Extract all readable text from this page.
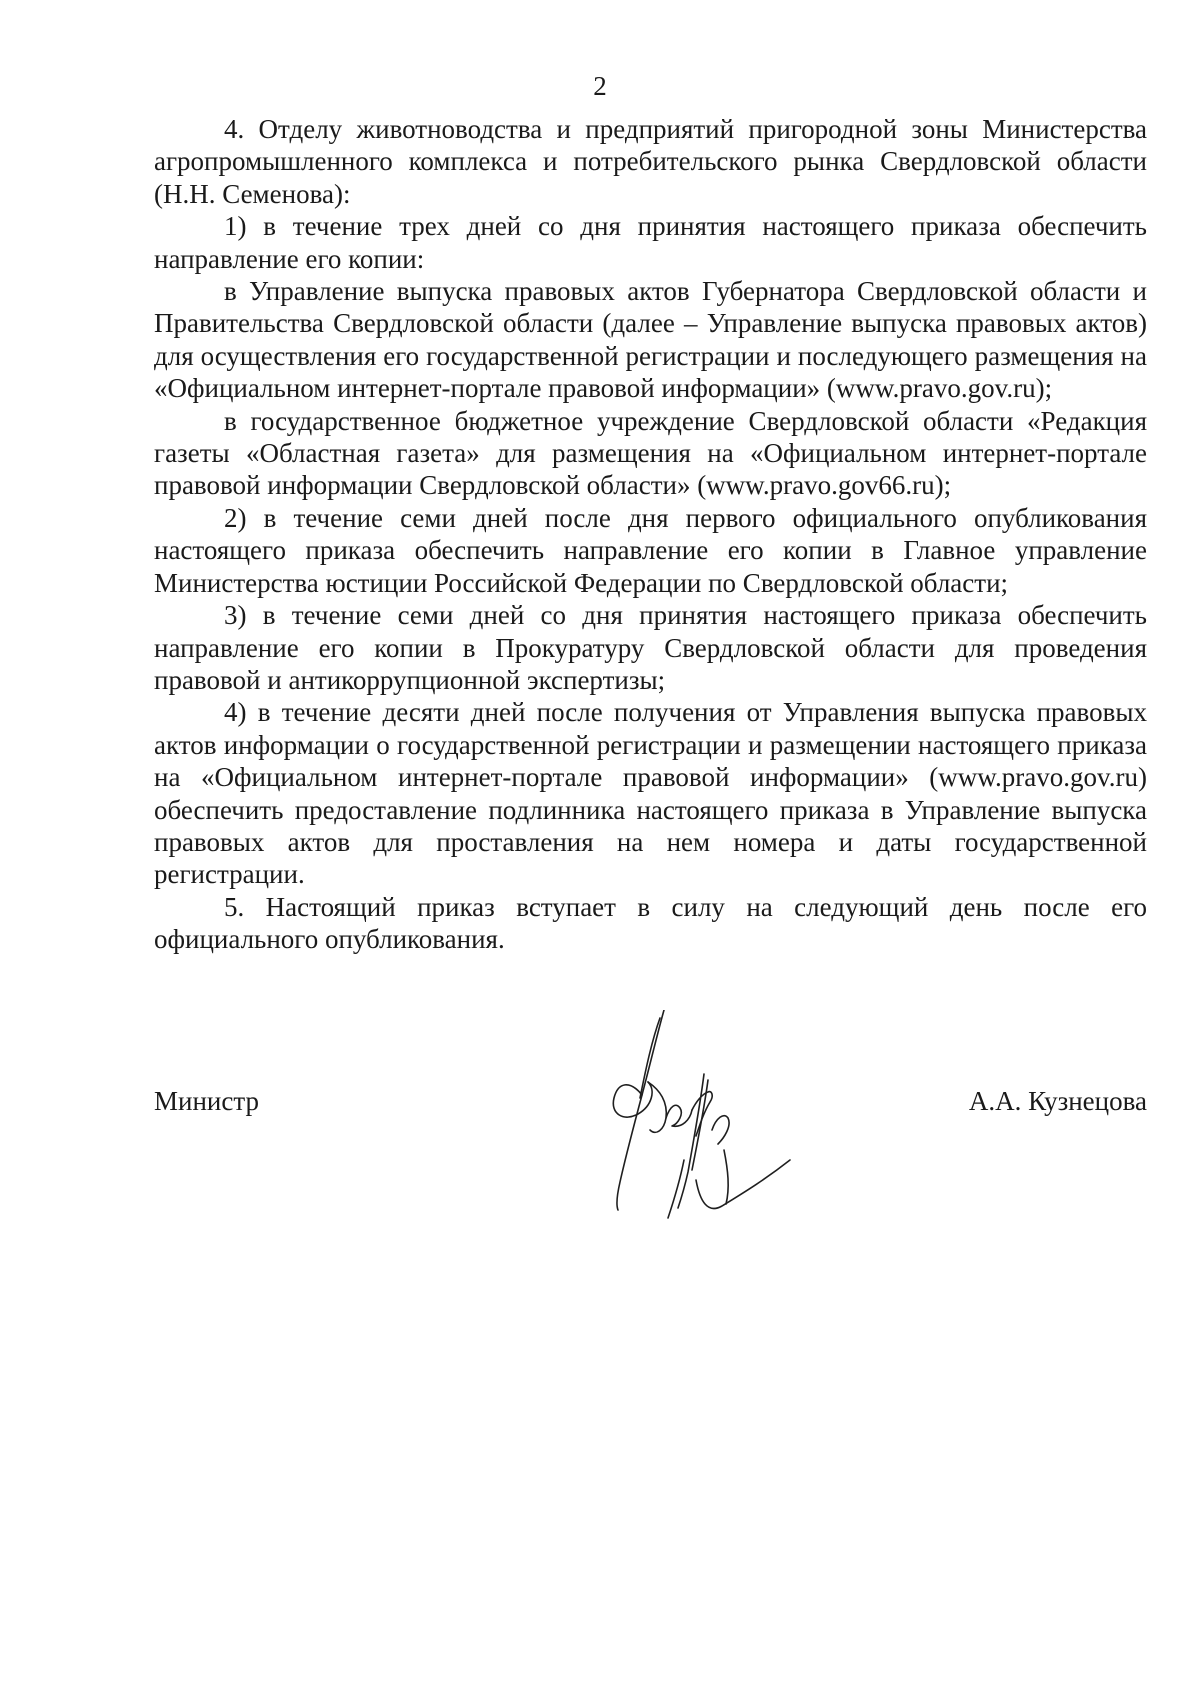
2

4. Отделу животноводства и предприятий пригородной зоны Министерства агропромышленного комплекса и потребительского рынка Свердловской области (Н.Н. Семенова):

1) в течение трех дней со дня принятия настоящего приказа обеспечить направление его копии:

в Управление выпуска правовых актов Губернатора Свердловской области и Правительства Свердловской области (далее – Управление выпуска правовых актов) для осуществления его государственной регистрации и последующего размещения на «Официальном интернет-портале правовой информации» (www.pravo.gov.ru);

в государственное бюджетное учреждение Свердловской области «Редакция газеты «Областная газета» для размещения на «Официальном интернет-портале правовой информации Свердловской области» (www.pravo.gov66.ru);

2) в течение семи дней после дня первого официального опубликования настоящего приказа обеспечить направление его копии в Главное управление Министерства юстиции Российской Федерации по Свердловской области;

3) в течение семи дней со дня принятия настоящего приказа обеспечить направление его копии в Прокуратуру Свердловской области для проведения правовой и антикоррупционной экспертизы;

4) в течение десяти дней после получения от Управления выпуска правовых актов информации о государственной регистрации и размещении настоящего приказа на «Официальном интернет-портале правовой информации» (www.pravo.gov.ru) обеспечить предоставление подлинника настоящего приказа в Управление выпуска правовых актов для проставления на нем номера и даты государственной регистрации.

5. Настоящий приказ вступает в силу на следующий день после его официального опубликования.

Министр	А.А. Кузнецова
